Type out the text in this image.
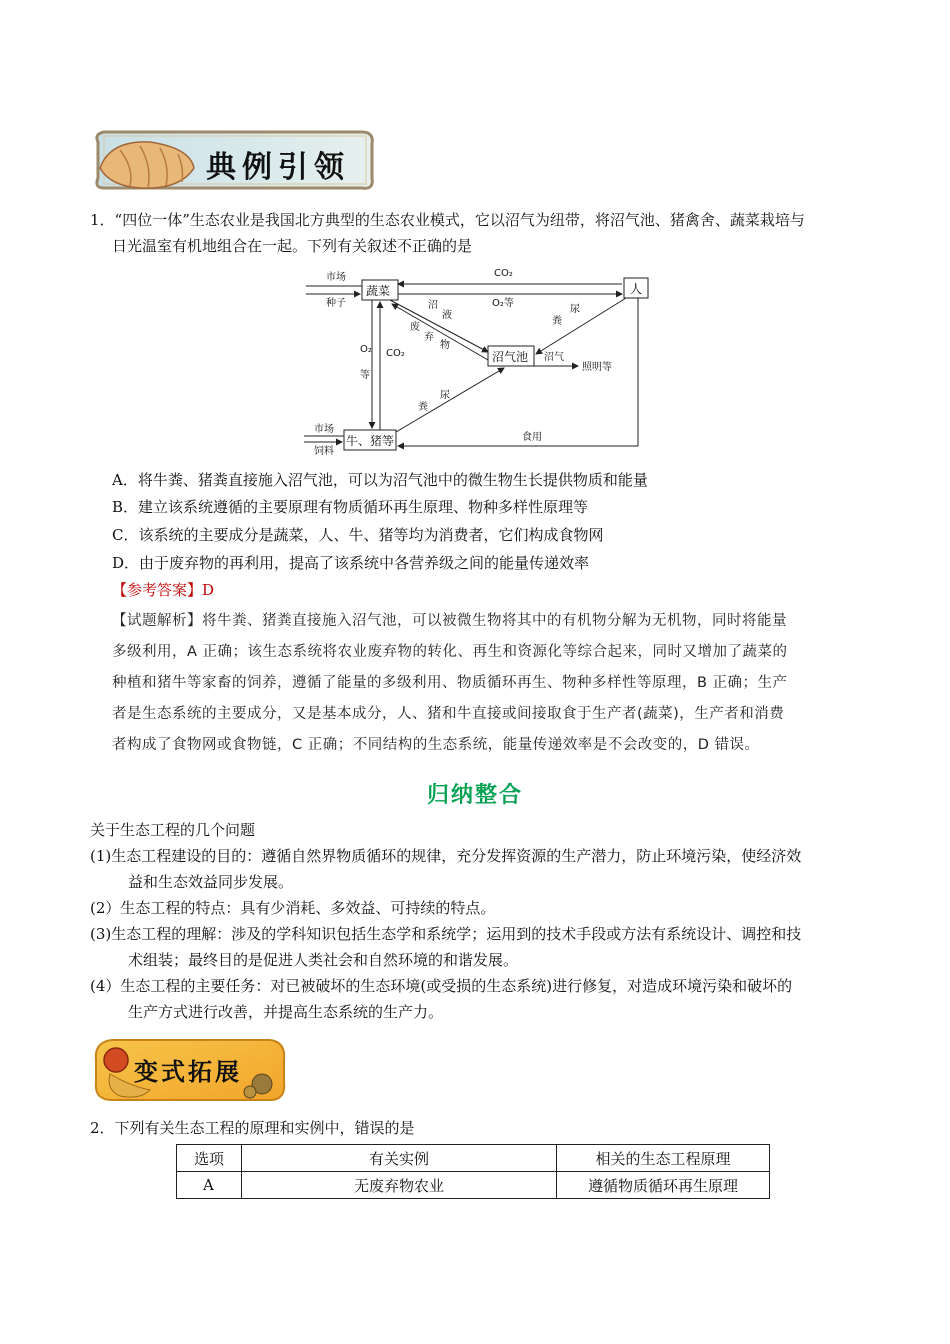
典例引领
1．“四位一体”生态农业是我国北方典型的生态农业模式，它以沼气为纽带，将沼气池、猪禽舍、蔬菜栽培与
日光温室有机地组合在一起。下列有关叙述不正确的是
蔬菜	人
沼气池
牛、猪等
市场
种子
市场
饲料
CO₂
O₂等
O₂ CO₂
等
沼
液
废
弃
物
尿
粪
尿
粪
沼气
照明等
食用
A．将牛粪、猪粪直接施入沼气池，可以为沼气池中的微生物生长提供物质和能量
B．建立该系统遵循的主要原理有物质循环再生原理、物种多样性原理等
C．该系统的主要成分是蔬菜，人、牛、猪等均为消费者，它们构成食物网
D．由于废弃物的再利用，提高了该系统中各营养级之间的能量传递效率
【参考答案】D

【试题解析】将牛粪、猪粪直接施入沼气池，可以被微生物将其中的有机物分解为无机物，同时将能量

多级利用，A 正确；该生态系统将农业废弃物的转化、再生和资源化等综合起来，同时又增加了蔬菜的

种植和猪牛等家畜的饲养，遵循了能量的多级利用、物质循环再生、物种多样性等原理，B 正确；生产

者是生态系统的主要成分，又是基本成分，人、猪和牛直接或间接取食于生产者(蔬菜)，生产者和消费

者构成了食物网或食物链，C 正确；不同结构的生态系统，能量传递效率是不会改变的，D 错误。

归纳整合
关于生态工程的几个问题
(1)生态工程建设的目的：遵循自然界物质循环的规律，充分发挥资源的生产潜力，防止环境污染，使经济效
益和生态效益同步发展。
(2）生态工程的特点：具有少消耗、多效益、可持续的特点。
(3)生态工程的理解：涉及的学科知识包括生态学和系统学；运用到的技术手段或方法有系统设计、调控和技
术组装；最终目的是促进人类社会和自然环境的和谐发展。
(4）生态工程的主要任务：对已被破坏的生态环境(或受损的生态系统)进行修复，对造成环境污染和破坏的
生产方式进行改善，并提高生态系统的生产力。
变式拓展
2．下列有关生态工程的原理和实例中，错误的是
选项	有关实例	相关的生态工程原理
A	无废弃物农业	遵循物质循环再生原理
